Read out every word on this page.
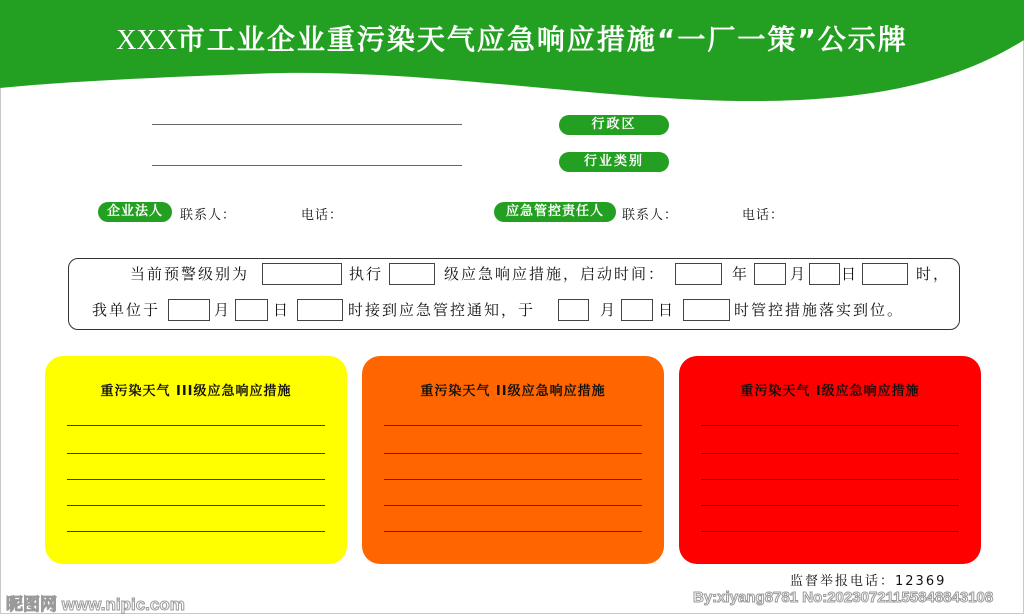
XXX市工业企业重污染天气应急响应措施“一厂一策”公示牌
行政区
行业类别
企业法人	联系人：	电话：	应急管控责任人	联系人：	电话：
当前预警级别为	执行	级应急响应措施，启动时间：	年	月 日	时，
我单位于	月	日	时接到应急管控通知，于	月	日	时管控措施落实到位。
重污染天气 III级应急响应措施	重污染天气 II级应急响应措施	重污染天气 I级应急响应措施
监督举报电话：12369
昵图网 www.nipic.com	By:xiyang8781 No:20230721155848843108
